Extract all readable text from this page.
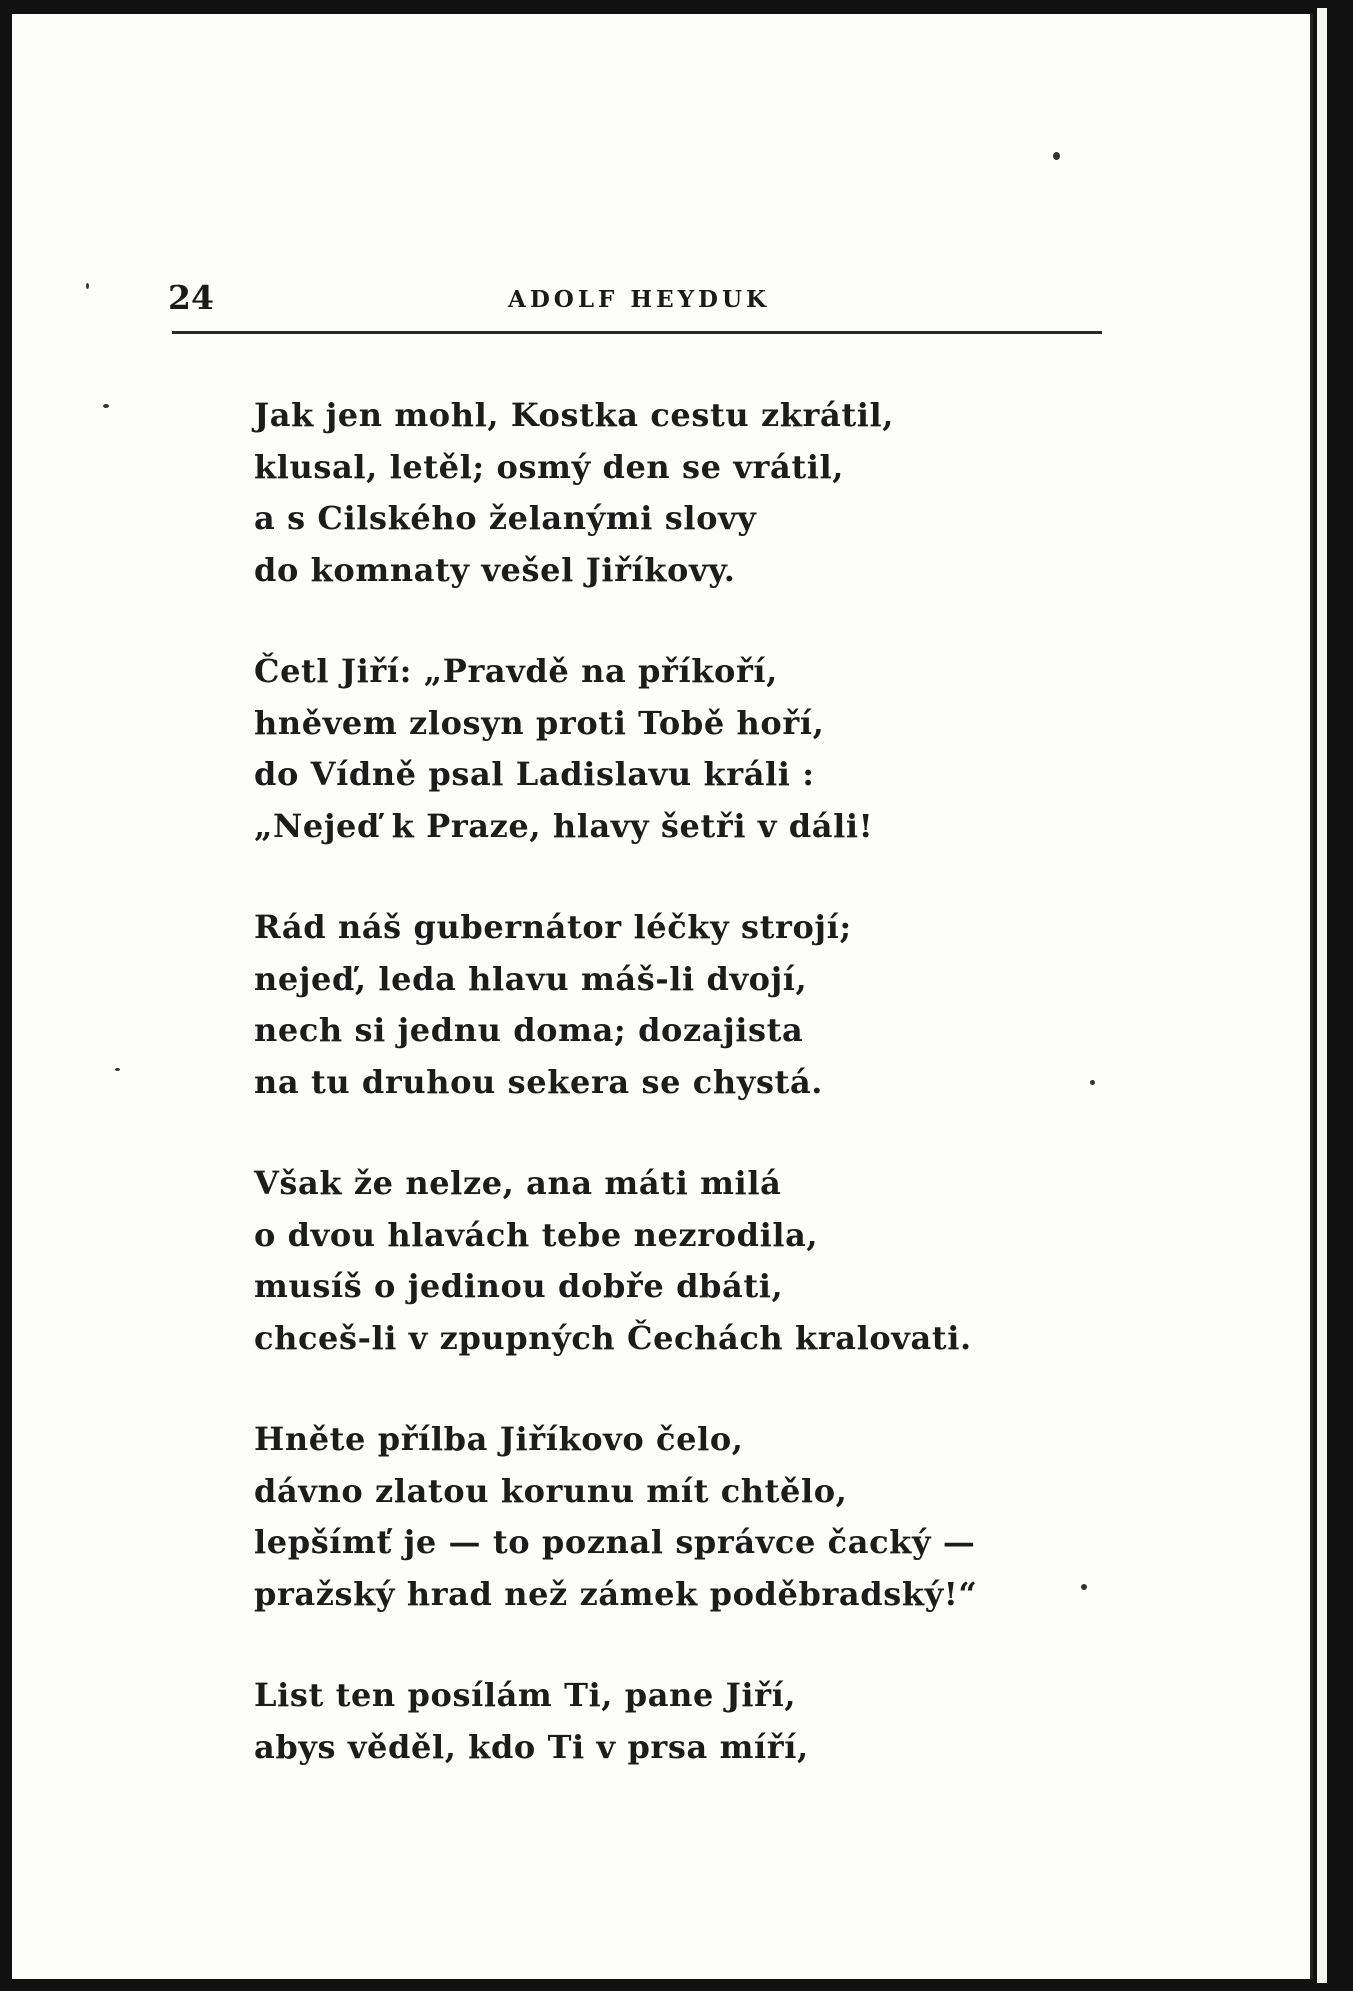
24	ADOLF HEYDUK
Jak jen mohl, Kostka cestu zkrátil,
klusal, letěl; osmý den se vrátil,
a s Cilského želanými slovy
do komnaty vešel Jiříkovy.
Četl Jiří: „Pravdě na příkoří,
hněvem zlosyn proti Tobě hoří,
do Vídně psal Ladislavu králi :
„Nejeď k Praze, hlavy šetři v dáli!
Rád náš gubernátor léčky strojí;
nejeď, leda hlavu máš-li dvojí,
nech si jednu doma; dozajista
na tu druhou sekera se chystá.
Však že nelze, ana máti milá
o dvou hlavách tebe nezrodila,
musíš o jedinou dobře dbáti,
chceš-li v zpupných Čechách kralovati.
Hněte přílba Jiříkovo čelo,
dávno zlatou korunu mít chtělo,
lepšímť je — to poznal správce čacký —
pražský hrad než zámek poděbradský!“
List ten posílám Ti, pane Jiří,
abys věděl, kdo Ti v prsa míří,
